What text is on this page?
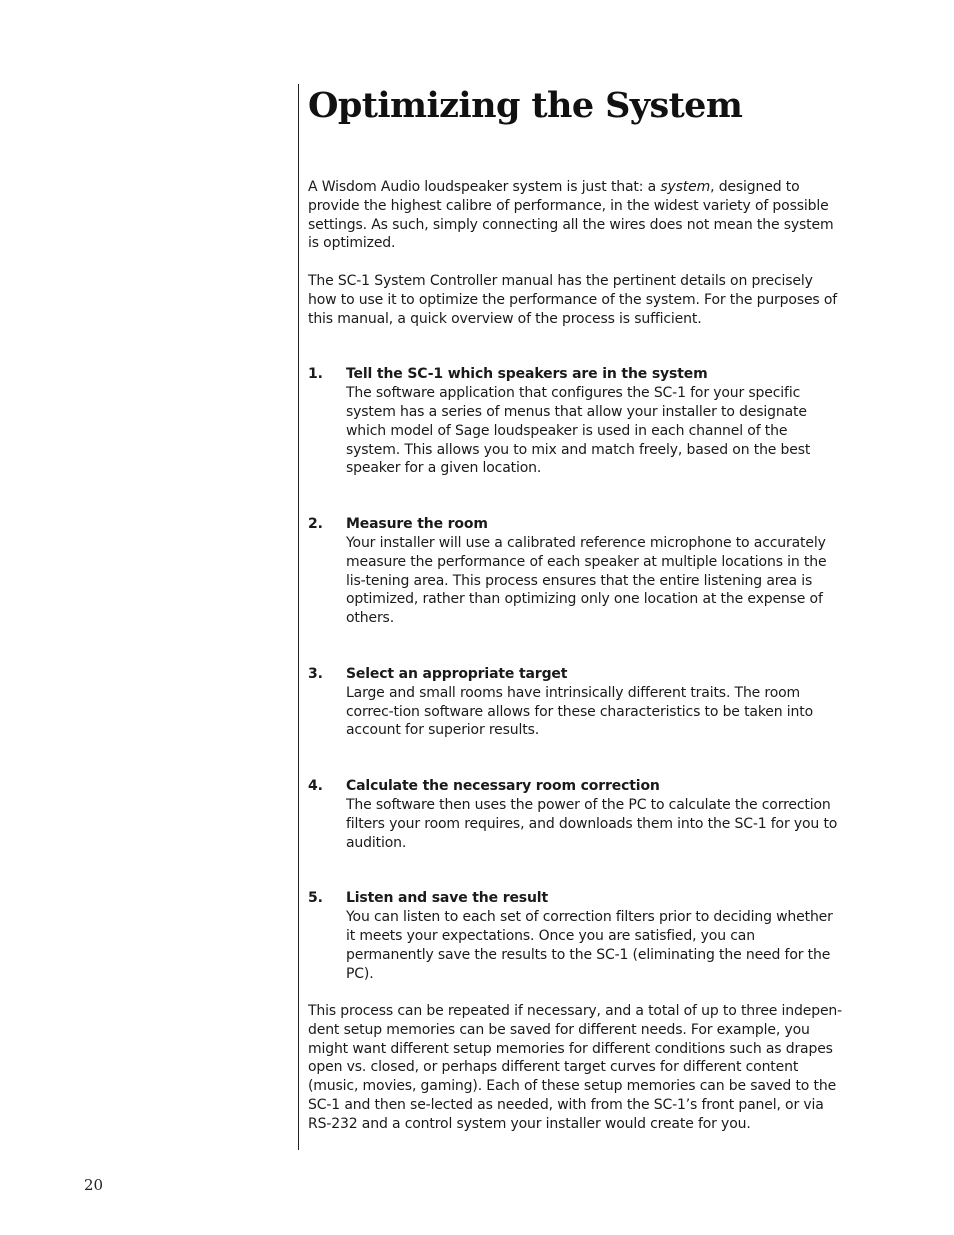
Optimizing the System

A Wisdom Audio loudspeaker system is just that: a system, designed to provide the highest calibre of performance, in the widest variety of possible settings. As such, simply connecting all the wires does not mean the system is optimized.

The SC-1 System Controller manual has the pertinent details on precisely how to use it to optimize the performance of the system. For the purposes of this manual, a quick overview of the process is sufficient.

1.	Tell the SC-1 which speakers are in the system
The software application that configures the SC-1 for your specific system has a series of menus that allow your installer to designate which model of Sage loudspeaker is used in each channel of the system. This allows you to mix and match freely, based on the best speaker for a given location.
2.	Measure the room
Your installer will use a calibrated reference microphone to accurately measure the performance of each speaker at multiple locations in the lis-tening area. This process ensures that the entire listening area is optimized, rather than optimizing only one location at the expense of others.
3.	Select an appropriate target
Large and small rooms have intrinsically different traits. The room correc-tion software allows for these characteristics to be taken into account for superior results.
4.	Calculate the necessary room correction
The software then uses the power of the PC to calculate the correction filters your room requires, and downloads them into the SC-1 for you to audition.
5.	Listen and save the result
You can listen to each set of correction filters prior to deciding whether it meets your expectations. Once you are satisfied, you can permanently save the results to the SC-1 (eliminating the need for the PC).

This process can be repeated if necessary, and a total of up to three indepen-dent setup memories can be saved for different needs. For example, you might want different setup memories for different conditions such as drapes open vs. closed, or perhaps different target curves for different content (music, movies, gaming). Each of these setup memories can be saved to the SC-1 and then se-lected as needed, with from the SC-1’s front panel, or via RS-232 and a control system your installer would create for you.

20
